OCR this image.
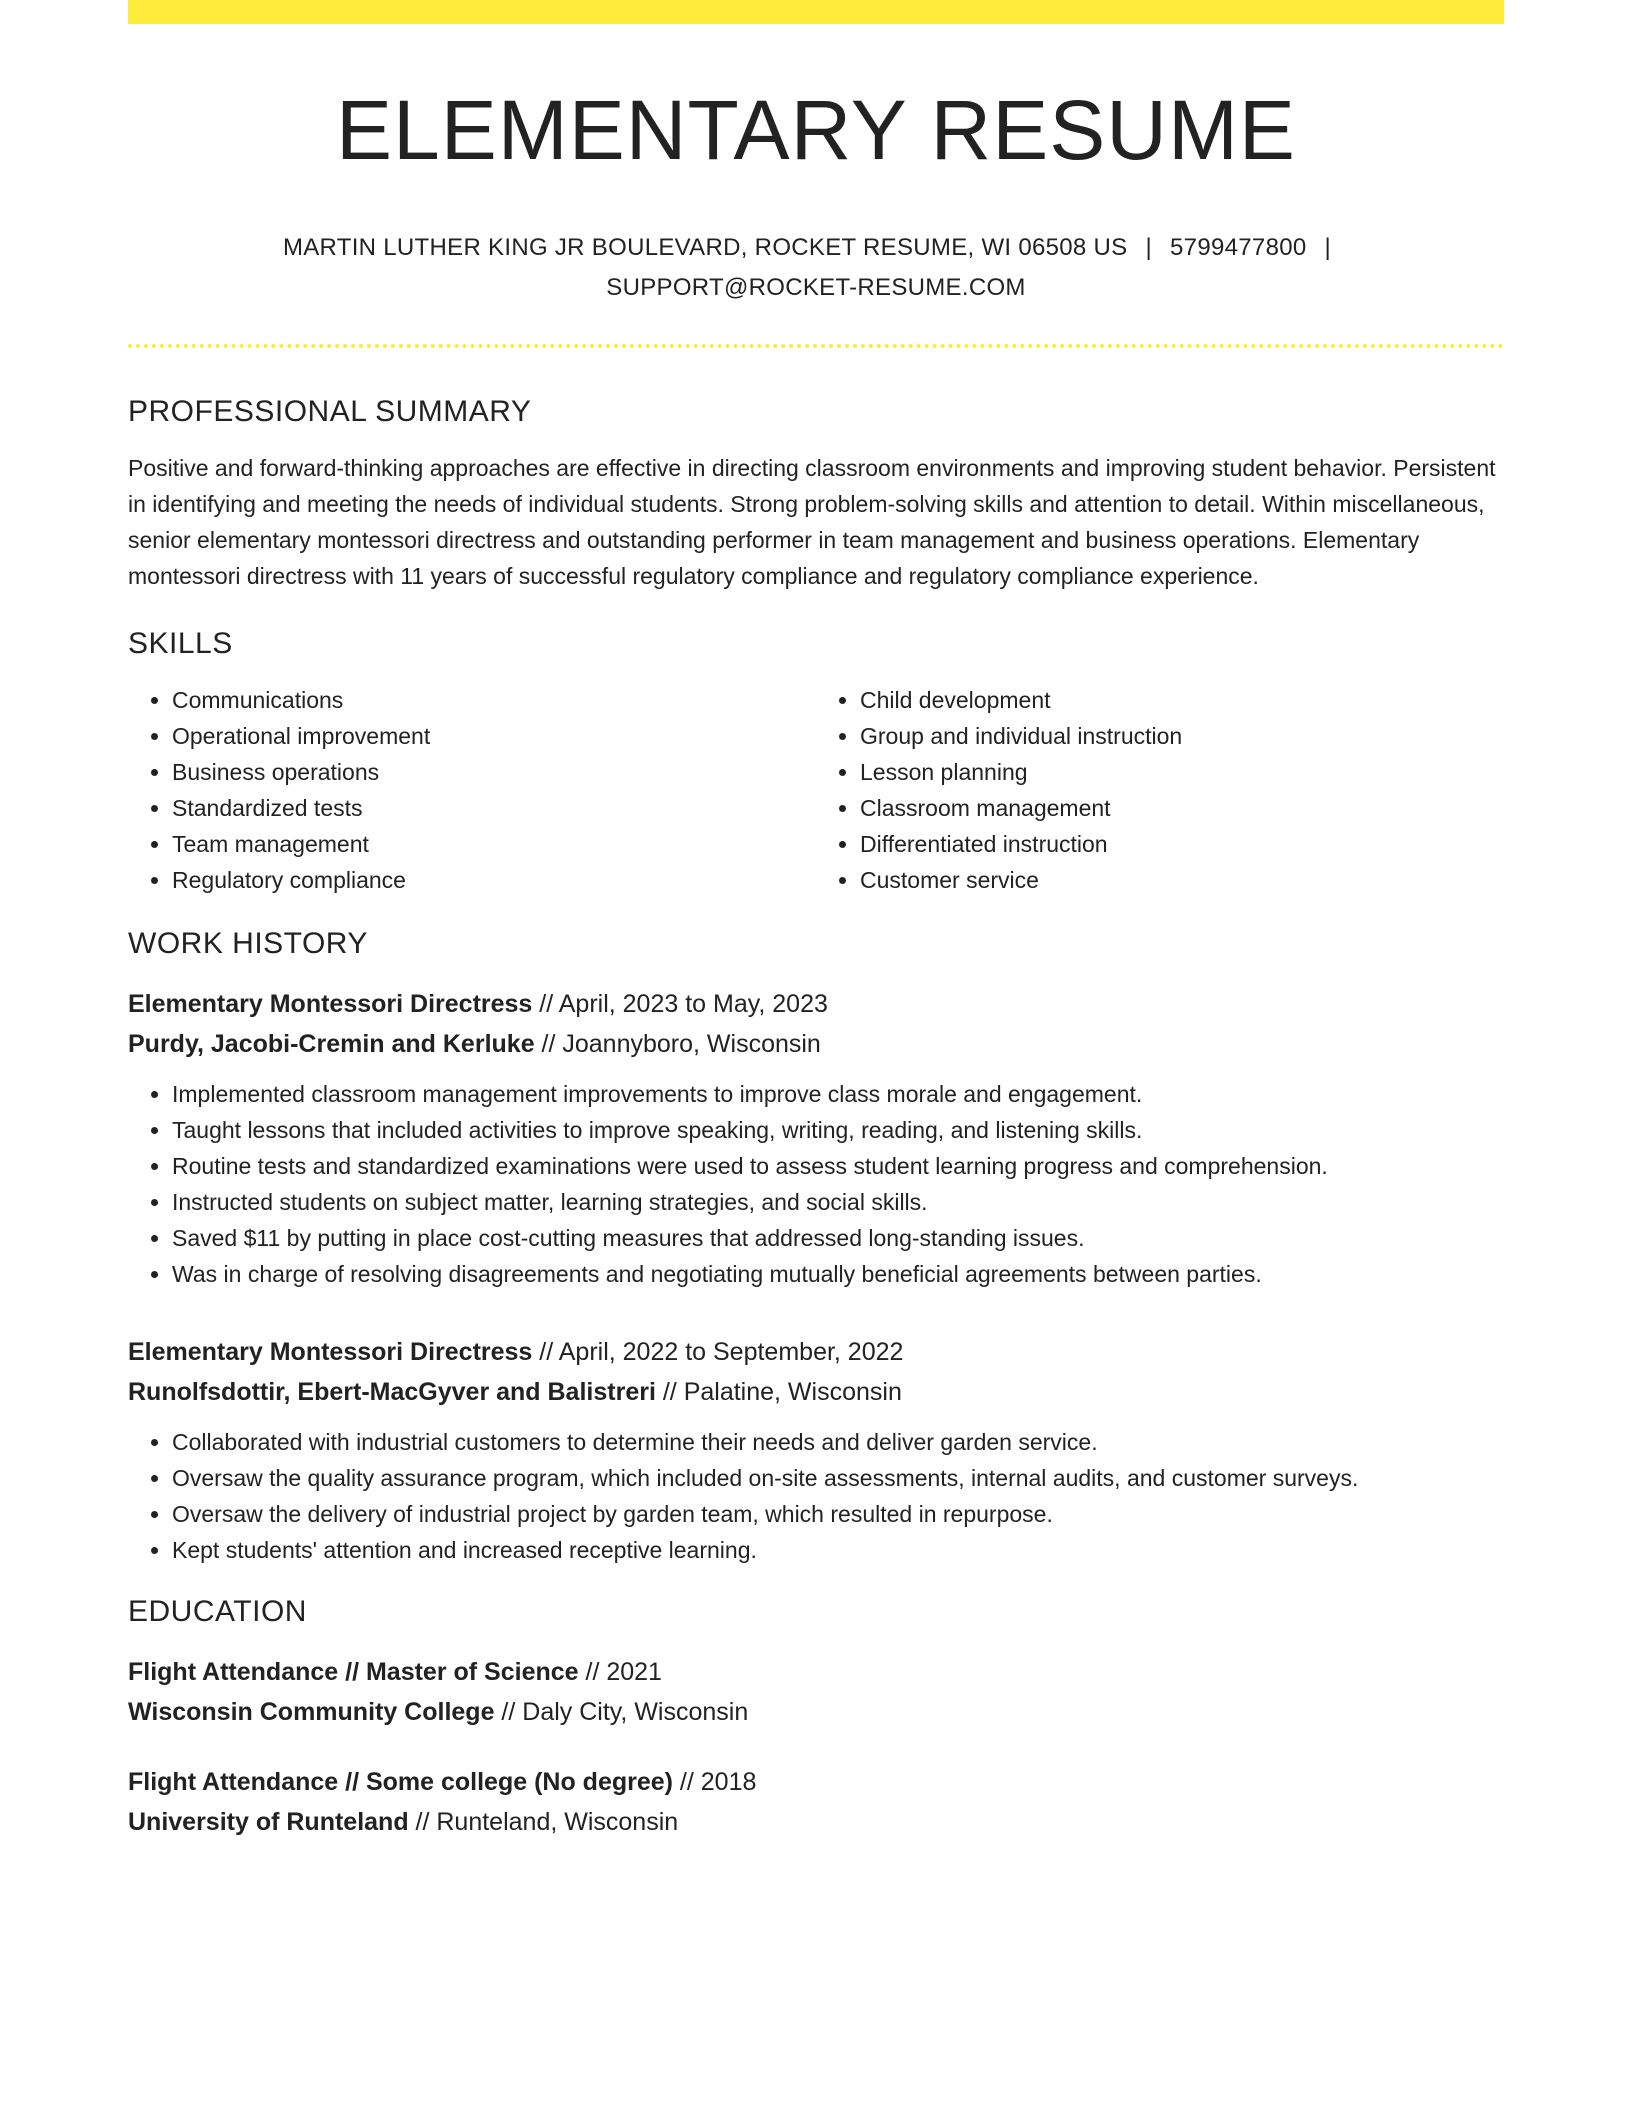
ELEMENTARY RESUME
MARTIN LUTHER KING JR BOULEVARD, ROCKET RESUME, WI 06508 US | 5799477800 |
SUPPORT@ROCKET-RESUME.COM
PROFESSIONAL SUMMARY
Positive and forward-thinking approaches are effective in directing classroom environments and improving student behavior. Persistent in identifying and meeting the needs of individual students. Strong problem-solving skills and attention to detail. Within miscellaneous, senior elementary montessori directress and outstanding performer in team management and business operations. Elementary montessori directress with 11 years of successful regulatory compliance and regulatory compliance experience.
SKILLS
• Communications
• Operational improvement
• Business operations
• Standardized tests
• Team management
• Regulatory compliance
• Child development
• Group and individual instruction
• Lesson planning
• Classroom management
• Differentiated instruction
• Customer service
WORK HISTORY
Elementary Montessori Directress // April, 2023 to May, 2023
Purdy, Jacobi-Cremin and Kerluke // Joannyboro, Wisconsin
• Implemented classroom management improvements to improve class morale and engagement.
• Taught lessons that included activities to improve speaking, writing, reading, and listening skills.
• Routine tests and standardized examinations were used to assess student learning progress and comprehension.
• Instructed students on subject matter, learning strategies, and social skills.
• Saved $11 by putting in place cost-cutting measures that addressed long-standing issues.
• Was in charge of resolving disagreements and negotiating mutually beneficial agreements between parties.
Elementary Montessori Directress // April, 2022 to September, 2022
Runolfsdottir, Ebert-MacGyver and Balistreri // Palatine, Wisconsin
• Collaborated with industrial customers to determine their needs and deliver garden service.
• Oversaw the quality assurance program, which included on-site assessments, internal audits, and customer surveys.
• Oversaw the delivery of industrial project by garden team, which resulted in repurpose.
• Kept students' attention and increased receptive learning.
EDUCATION
Flight Attendance // Master of Science // 2021
Wisconsin Community College // Daly City, Wisconsin
Flight Attendance // Some college (No degree) // 2018
University of Runteland // Runteland, Wisconsin
